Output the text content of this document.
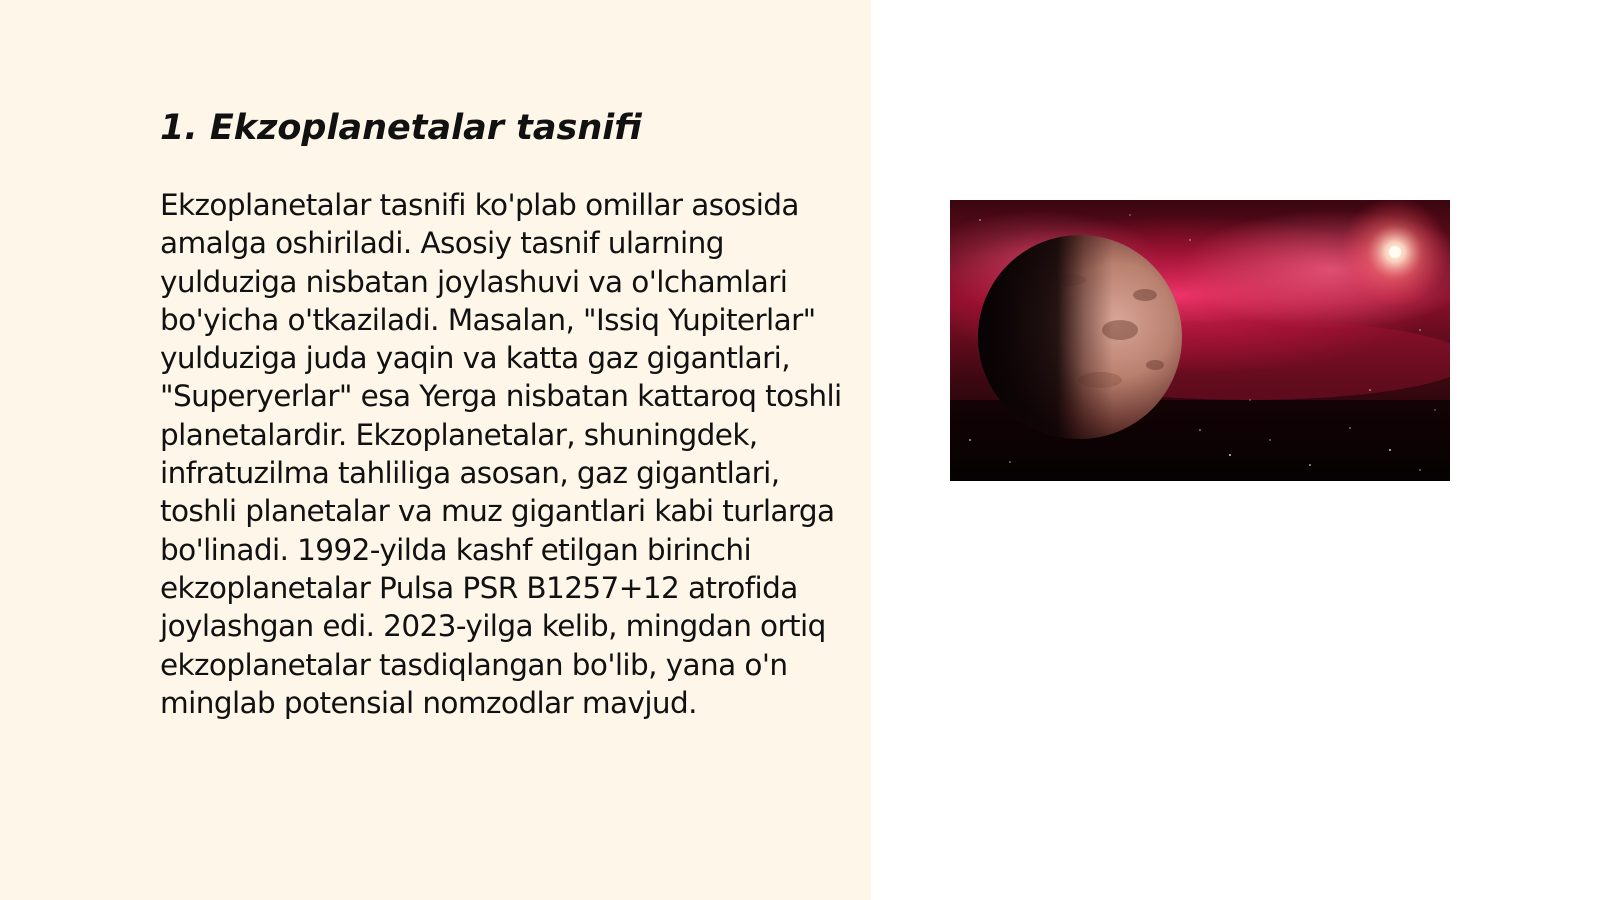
1. Ekzoplanetalar tasnifi

Ekzoplanetalar tasnifi ko'plab omillar asosida amalga oshiriladi. Asosiy tasnif ularning yulduziga nisbatan joylashuvi va o'lchamlari bo'yicha o'tkaziladi. Masalan, "Issiq Yupiterlar" yulduziga juda yaqin va katta gaz gigantlari, "Superyerlar" esa Yerga nisbatan kattaroq toshli planetalardir. Ekzoplanetalar, shuningdek, infratuzilma tahliliga asosan, gaz gigantlari, toshli planetalar va muz gigantlari kabi turlarga bo'linadi. 1992-yilda kashf etilgan birinchi ekzoplanetalar Pulsa PSR B1257+12 atrofida joylashgan edi. 2023-yilga kelib, mingdan ortiq ekzoplanetalar tasdiqlangan bo'lib, yana o'n minglab potensial nomzodlar mavjud.
